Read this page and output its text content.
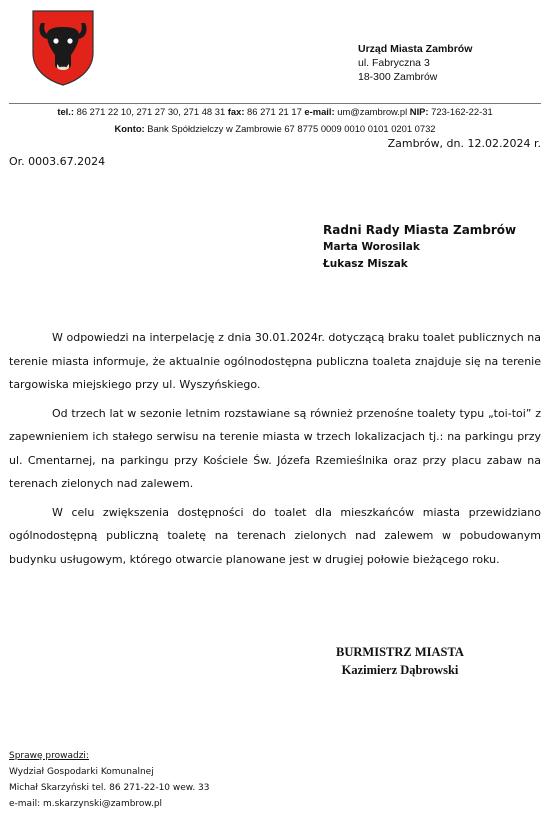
Urząd Miasta Zambrów
ul. Fabryczna 3
18-300 Zambrów
tel.: 86 271 22 10, 271 27 30, 271 48 31 fax: 86 271 21 17 e-mail: um@zambrow.pl NIP: 723-162-22-31
Konto: Bank Spółdzielczy w Zambrowie 67 8775 0009 0010 0101 0201 0732
Zambrów, dn. 12.02.2024 r.
Or. 0003.67.2024
Radni Rady Miasta Zambrów
Marta Worosilak
Łukasz Miszak

W odpowiedzi na interpelację z dnia 30.01.2024r. dotyczącą braku toalet publicznych na terenie miasta informuje, że aktualnie ogólnodostępna publiczna toaleta znajduje się na terenie targowiska miejskiego przy ul. Wyszyńskiego.

Od trzech lat w sezonie letnim rozstawiane są również przenośne toalety typu „toi-toi” z zapewnieniem ich stałego serwisu na terenie miasta w trzech lokalizacjach tj.: na parkingu przy ul. Cmentarnej, na parkingu przy Kościele Św. Józefa Rzemieślnika oraz przy placu zabaw na terenach zielonych nad zalewem.

W celu zwiększenia dostępności do toalet dla mieszkańców miasta przewidziano ogólnodostępną publiczną toaletę na terenach zielonych nad zalewem w pobudowanym budynku usługowym, którego otwarcie planowane jest w drugiej połowie bieżącego roku.

BURMISTRZ MIASTA
Kazimierz Dąbrowski
Sprawę prowadzi:
Wydział Gospodarki Komunalnej
Michał Skarzyński tel. 86 271-22-10 wew. 33
e-mail: m.skarzynski@zambrow.pl
